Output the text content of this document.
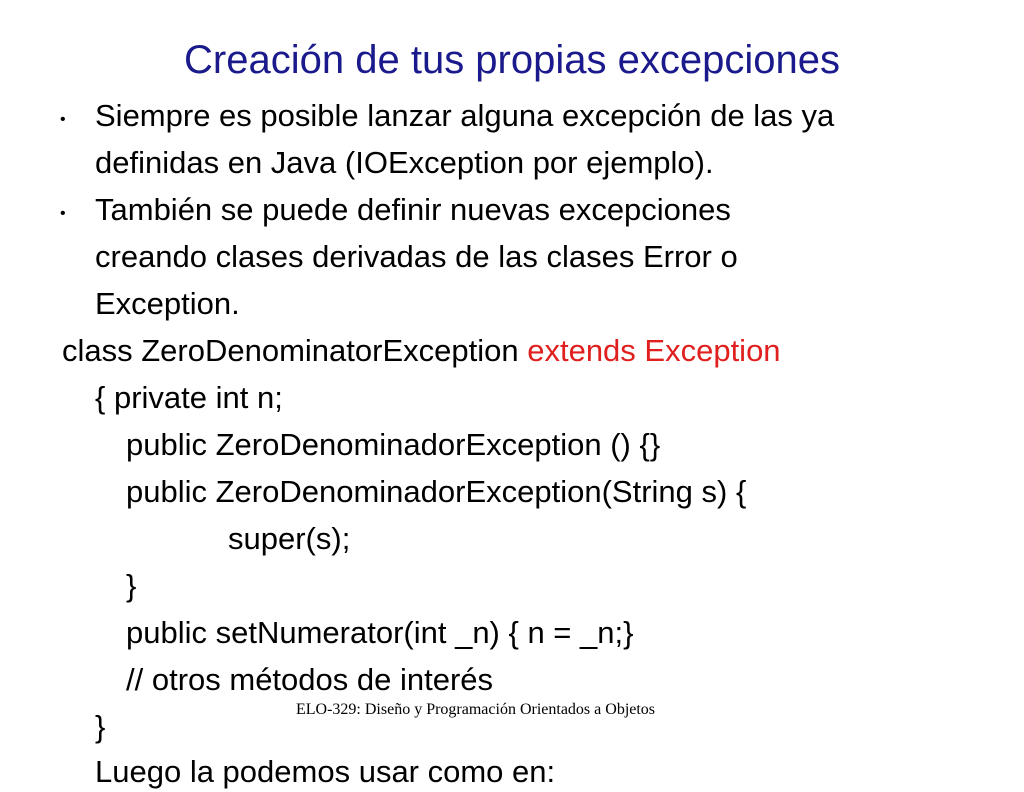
Creación de tus propias excepciones
• Siempre es posible lanzar alguna excepción de las ya
definidas en Java (IOException por ejemplo).
• También se puede definir nuevas excepciones
creando clases derivadas de las clases Error o
Exception.
class ZeroDenominatorException extends Exception
{ private int n;
public ZeroDenominadorException () {}
public ZeroDenominadorException(String s) {
super(s);
}
public setNumerator(int _n) { n = _n;}
// otros métodos de interés
}
Luego la podemos usar como en:
ELO-329: Diseño y Programación Orientados a Objetos
